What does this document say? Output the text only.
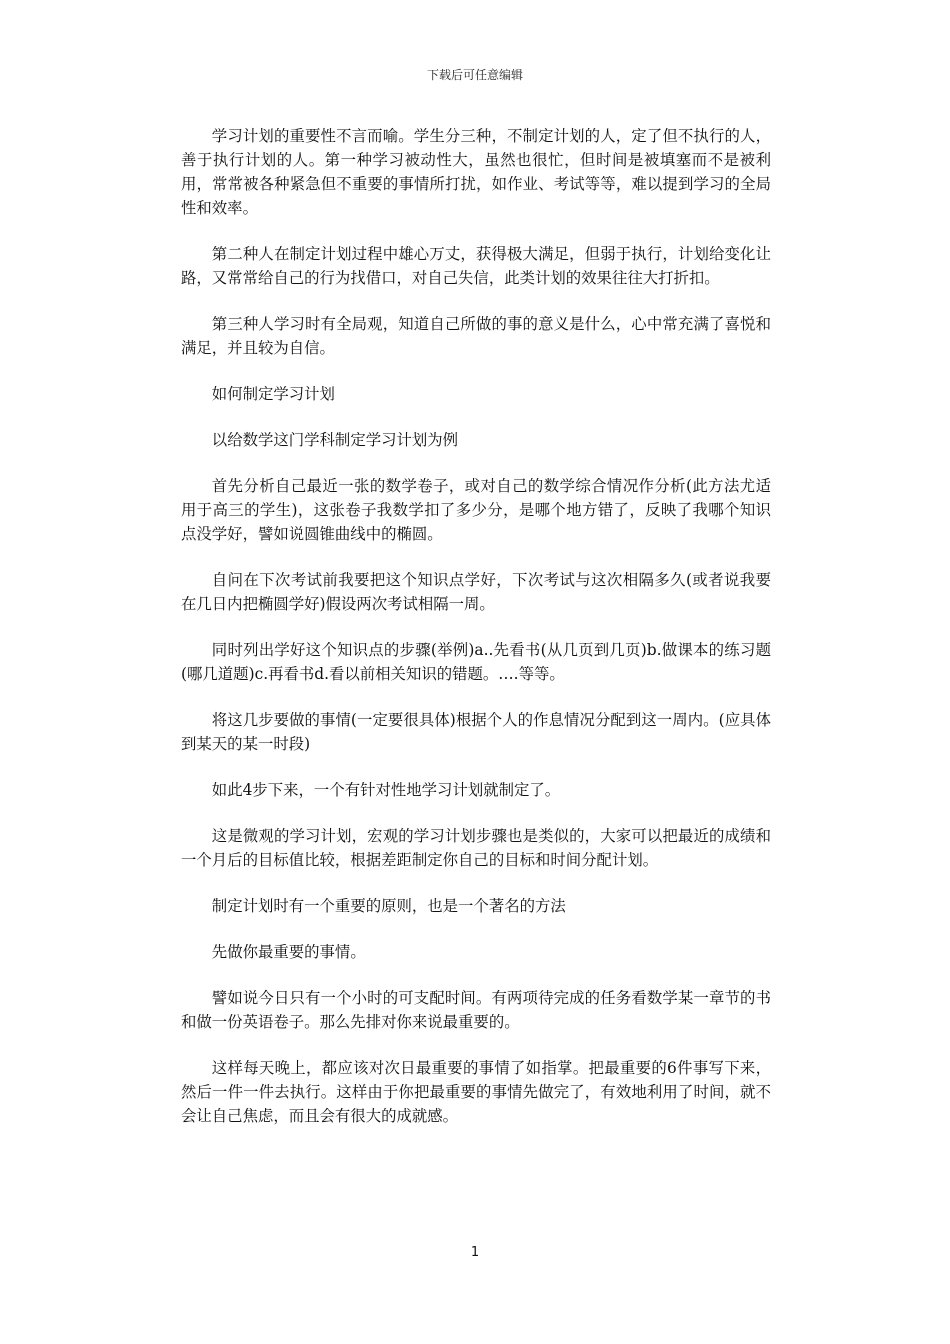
下载后可任意编辑

学习计划的重要性不言而喻。学生分三种，不制定计划的人，定了但不执行的人，善于执行计划的人。第一种学习被动性大，虽然也很忙，但时间是被填塞而不是被利用，常常被各种紧急但不重要的事情所打扰，如作业、考试等等，难以提到学习的全局性和效率。

第二种人在制定计划过程中雄心万丈，获得极大满足，但弱于执行，计划给变化让路，又常常给自己的行为找借口，对自己失信，此类计划的效果往往大打折扣。

第三种人学习时有全局观，知道自己所做的事的意义是什么，心中常充满了喜悦和满足，并且较为自信。

如何制定学习计划

以给数学这门学科制定学习计划为例

首先分析自己最近一张的数学卷子，或对自己的数学综合情况作分析(此方法尤适用于高三的学生)，这张卷子我数学扣了多少分，是哪个地方错了，反映了我哪个知识点没学好，譬如说圆锥曲线中的椭圆。

自问在下次考试前我要把这个知识点学好，下次考试与这次相隔多久(或者说我要在几日内把椭圆学好)假设两次考试相隔一周。

同时列出学好这个知识点的步骤(举例)a..先看书(从几页到几页)b.做课本的练习题(哪几道题)c.再看书d.看以前相关知识的错题。….等等。

将这几步要做的事情(一定要很具体)根据个人的作息情况分配到这一周内。(应具体到某天的某一时段)

如此4步下来，一个有针对性地学习计划就制定了。

这是微观的学习计划，宏观的学习计划步骤也是类似的，大家可以把最近的成绩和一个月后的目标值比较，根据差距制定你自己的目标和时间分配计划。

制定计划时有一个重要的原则，也是一个著名的方法

先做你最重要的事情。

譬如说今日只有一个小时的可支配时间。有两项待完成的任务看数学某一章节的书和做一份英语卷子。那么先排对你来说最重要的。

这样每天晚上，都应该对次日最重要的事情了如指掌。把最重要的6件事写下来，然后一件一件去执行。这样由于你把最重要的事情先做完了，有效地利用了时间，就不会让自己焦虑，而且会有很大的成就感。

1
